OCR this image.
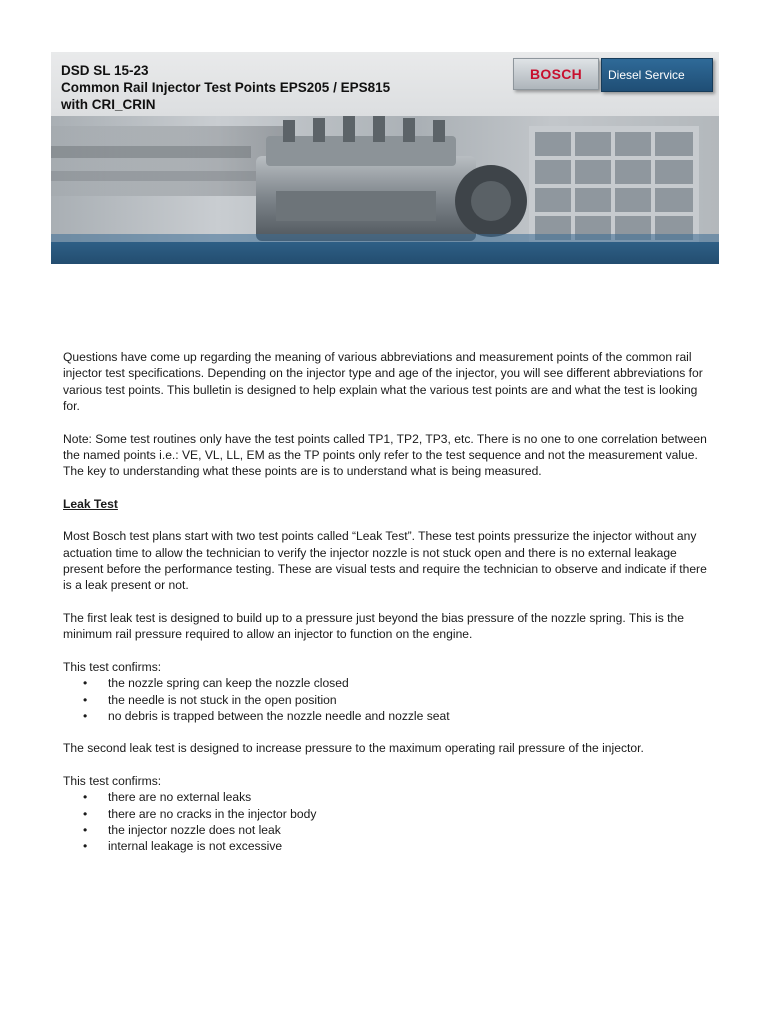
DSD SL 15-23
Common Rail Injector Test Points EPS205 / EPS815
with CRI_CRIN
BOSCH Diesel Service

Questions have come up regarding the meaning of various abbreviations and measurement points of the common rail injector test specifications. Depending on the injector type and age of the injector, you will see different abbreviations for various test points. This bulletin is designed to help explain what the various test points are and what the test is looking for.

Note: Some test routines only have the test points called TP1, TP2, TP3, etc. There is no one to one correlation between the named points i.e.: VE, VL, LL, EM as the TP points only refer to the test sequence and not the measurement value. The key to understanding what these points are is to understand what is being measured.

Leak Test

Most Bosch test plans start with two test points called “Leak Test”. These test points pressurize the injector without any actuation time to allow the technician to verify the injector nozzle is not stuck open and there is no external leakage present before the performance testing. These are visual tests and require the technician to observe and indicate if there is a leak present or not.

The first leak test is designed to build up to a pressure just beyond the bias pressure of the nozzle spring. This is the minimum rail pressure required to allow an injector to function on the engine.

This test confirms:

• the nozzle spring can keep the nozzle closed
• the needle is not stuck in the open position
• no debris is trapped between the nozzle needle and nozzle seat

The second leak test is designed to increase pressure to the maximum operating rail pressure of the injector.

This test confirms:

• there are no external leaks
• there are no cracks in the injector body
• the injector nozzle does not leak
• internal leakage is not excessive
